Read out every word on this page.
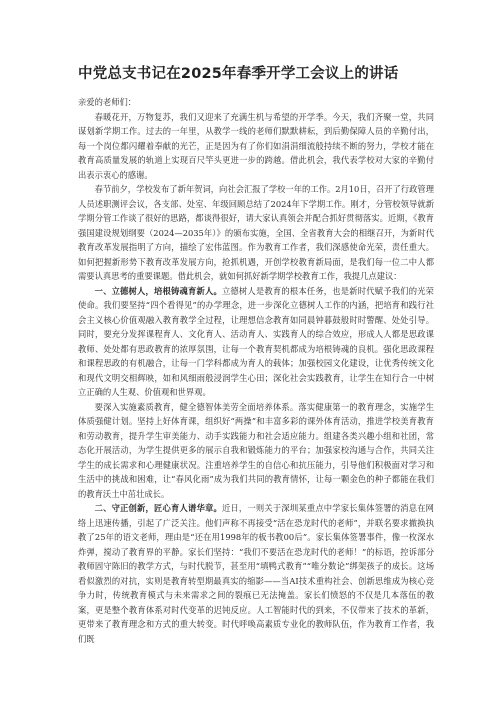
中党总支书记在2025年春季开学工会议上的讲话

亲爱的老师们：

春暖花开，万物复苏，我们又迎来了充满生机与希望的开学季。今天，我们齐聚一堂，共同谋划新学期工作。过去的一年里，从教学一线的老师们默默耕耘，到后勤保障人员的辛勤付出，每一个岗位都闪耀着奉献的光芒，正是因为有了你们如涓涓细流般持续不断的努力，学校才能在教育高质量发展的轨道上实现百尺竿头更进一步的跨越。借此机会，我代表学校对大家的辛勤付出表示衷心的感谢。

春节前夕，学校发布了新年贺词，向社会汇报了学校一年的工作。2月10日，召开了行政管理人员述职测评会议，各支部、处室、年级回顾总结了2024年下学期工作。刚才，分管校领导就新学期分管工作谈了很好的思路，都谈得很好，请大家认真领会并配合抓好贯彻落实。近期，《教育强国建设规划纲要（2024—2035年）》的颁布实施，全国、全省教育大会的相继召开，为新时代教育改革发展指明了方向，描绘了宏伟蓝图。作为教育工作者，我们深感使命光荣，责任重大。如何把握新形势下教育改革发展方向，抢抓机遇，开创学校教育新局面，是我们每一位二中人都需要认真思考的重要课题。借此机会，就如何抓好新学期学校教育工作，我提几点建议：

一、立德树人，培根铸魂育新人。立德树人是教育的根本任务，也是新时代赋予我们的光荣使命。我们要坚持“四个看得见”的办学理念，进一步深化立德树人工作的内涵，把培育和践行社会主义核心价值观融入教育教学全过程，让理想信念教育如同晨钟暮鼓般时时警醒、处处引导。同时，要充分发挥课程育人、文化育人、活动育人、实践育人的综合效应，形成人人都是思政课教师、处处都有思政教育的浓厚氛围，让每一个教育契机都成为培根铸魂的良机。强化思政课程和课程思政的有机融合，让每一门学科都成为育人的载体；加强校园文化建设，让优秀传统文化和现代文明交相辉映，如和风细雨般浸润学生心田；深化社会实践教育，让学生在知行合一中树立正确的人生观、价值观和世界观。

要深入实施素质教育，健全德智体美劳全面培养体系。落实健康第一的教育理念，实施学生体质强健计划。坚持上好体育课，组织好“两操”和丰富多彩的课外体育活动，推进学校美育教育和劳动教育，提升学生审美能力、动手实践能力和社会适应能力。组建各类兴趣小组和社团，常态化开展活动，为学生提供更多的展示自我和锻炼能力的平台；加强家校沟通与合作，共同关注学生的成长需求和心理健康状况。注重培养学生的自信心和抗压能力，引导他们积极面对学习和生活中的挑战和困难，让“春风化雨”成为我们共同的教育情怀，让每一颗金色的种子都能在我们的教育沃土中茁壮成长。

二、守正创新，匠心育人谱华章。近日，一则关于深圳某重点中学家长集体签署的消息在网络上迅速传播，引起了广泛关注。他们声称不再接受“活在恐龙时代的老师”，并联名要求撤换执教了25年的语文老师，理由是“还在用1998年的板书教00后”。家长集体签署事件，像一枚深水炸弹，搅动了教育界的平静。家长们坚持：“我们不要活在恐龙时代的老师！”的标语，控诉部分教师固守陈旧的教学方式，与时代脱节，甚至用“填鸭式教育”“唯分数论”绑架孩子的成长。这场看似激烈的对抗，实则是教育转型期最真实的缩影——当AI技术重构社会、创新思维成为核心竞争力时，传统教育模式与未来需求之间的裂痕已无法掩盖。家长们愤怒的不仅是几本落伍的教案，更是整个教育体系对时代变革的迟钝反应。人工智能时代的到来，不仅带来了技术的革新，更带来了教育理念和方式的重大转变。时代呼唤高素质专业化的教师队伍，作为教育工作者，我们既
